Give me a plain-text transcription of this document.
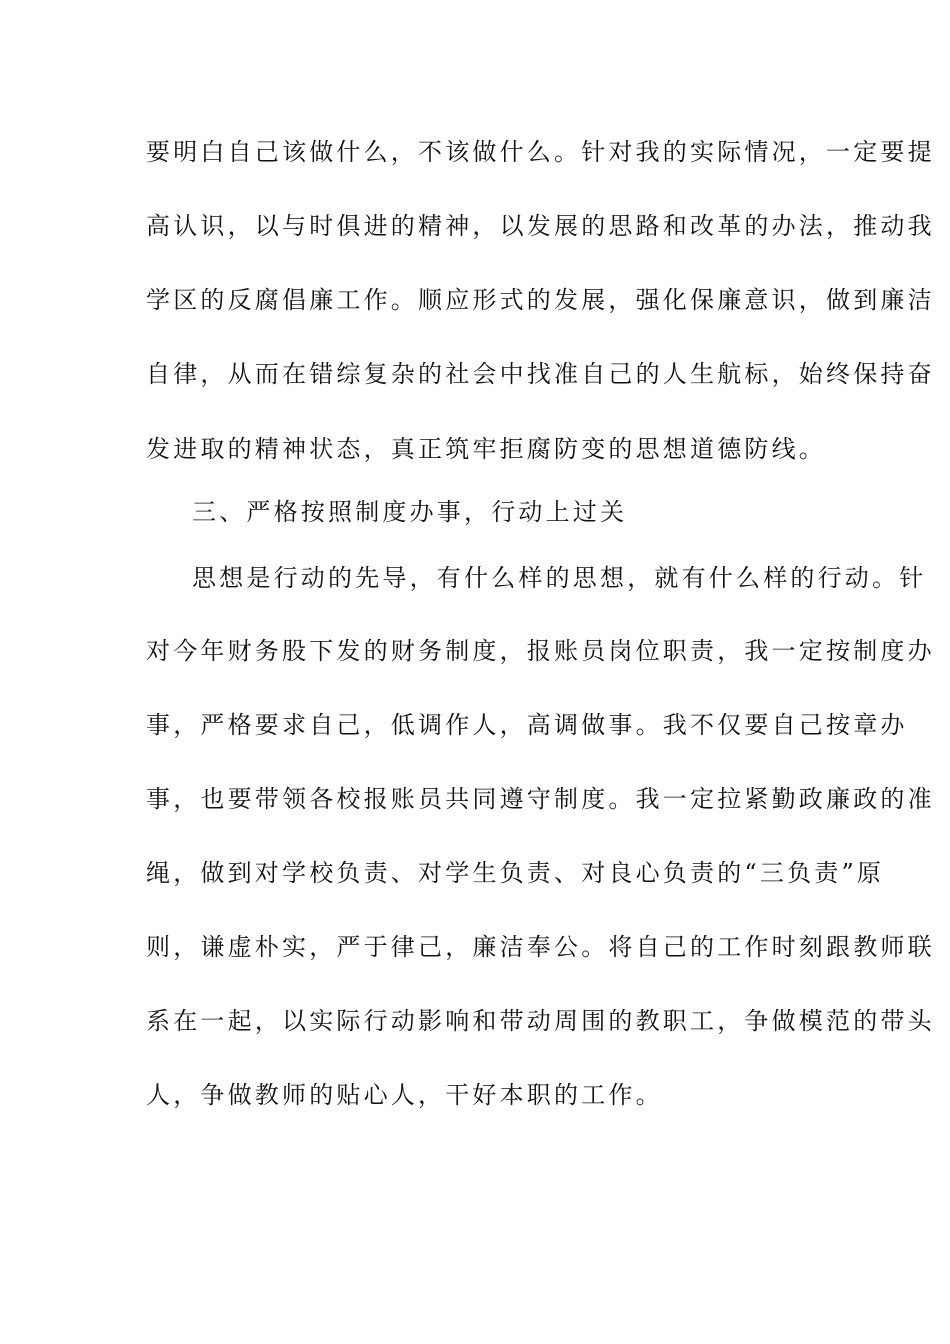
要明白自己该做什么，不该做什么。针对我的实际情况，一定要提
高认识，以与时俱进的精神，以发展的思路和改革的办法，推动我
学区的反腐倡廉工作。顺应形式的发展，强化保廉意识，做到廉洁
自律，从而在错综复杂的社会中找准自己的人生航标，始终保持奋
发进取的精神状态，真正筑牢拒腐防变的思想道德防线。
三、严格按照制度办事，行动上过关
思想是行动的先导，有什么样的思想，就有什么样的行动。针
对今年财务股下发的财务制度，报账员岗位职责，我一定按制度办
事，严格要求自己，低调作人，高调做事。我不仅要自己按章办
事，也要带领各校报账员共同遵守制度。我一定拉紧勤政廉政的准
绳，做到对学校负责、对学生负责、对良心负责的“三负责”原
则，谦虚朴实，严于律己，廉洁奉公。将自己的工作时刻跟教师联
系在一起，以实际行动影响和带动周围的教职工，争做模范的带头
人，争做教师的贴心人，干好本职的工作。
